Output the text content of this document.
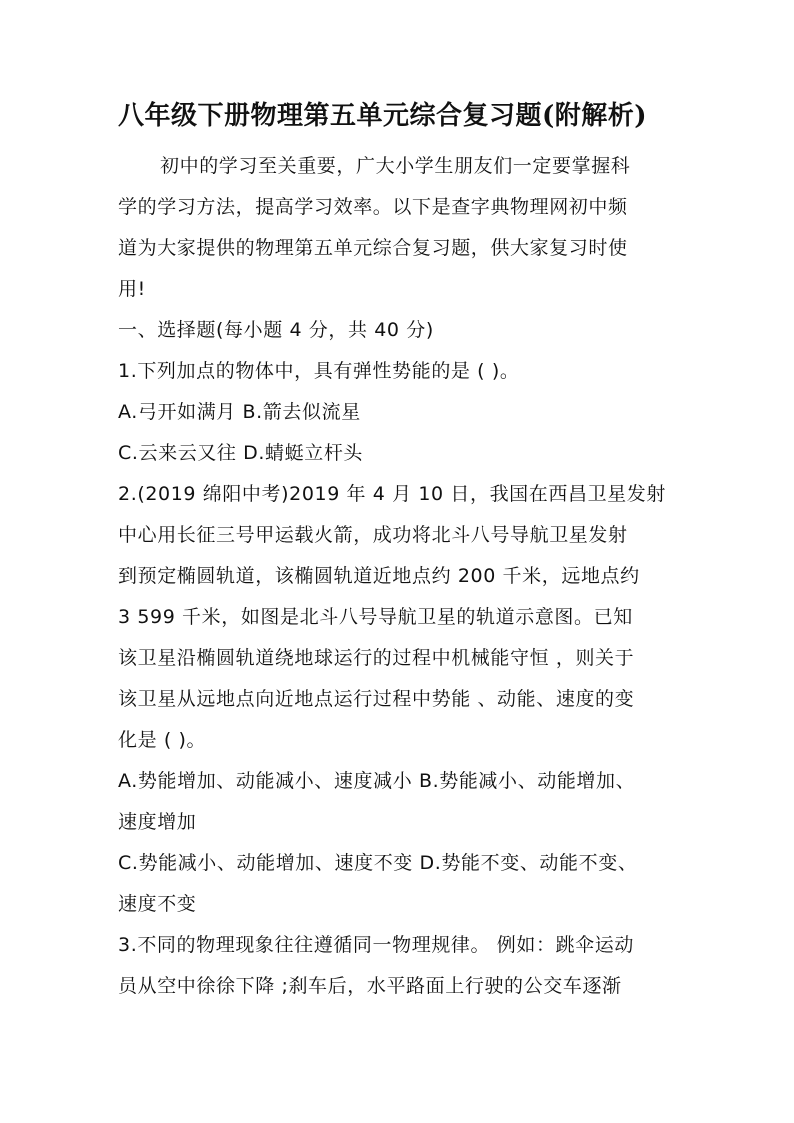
八年级下册物理第五单元综合复习题(附解析)
初中的学习至关重要，广大小学生朋友们一定要掌握科
学的学习方法，提高学习效率。以下是查字典物理网初中频
道为大家提供的物理第五单元综合复习题，供大家复习时使
用!
一、选择题(每小题 4 分，共 40 分)
1.下列加点的物体中，具有弹性势能的是 ( )。
A.弓开如满月 B.箭去似流星
C.云来云又往 D.蜻蜓立杆头
2.(2019 绵阳中考)2019 年 4 月 10 日，我国在西昌卫星发射
中心用长征三号甲运载火箭，成功将北斗八号导航卫星发射
到预定椭圆轨道，该椭圆轨道近地点约 200 千米，远地点约
3 599 千米，如图是北斗八号导航卫星的轨道示意图。已知
该卫星沿椭圆轨道绕地球运行的过程中机械能守恒 ，则关于
该卫星从远地点向近地点运行过程中势能 、动能、速度的变
化是 ( )。
A.势能增加、动能减小、速度减小 B.势能减小、动能增加、
速度增加
C.势能减小、动能增加、速度不变 D.势能不变、动能不变、
速度不变
3.不同的物理现象往往遵循同一物理规律。 例如：跳伞运动
员从空中徐徐下降 ;刹车后，水平路面上行驶的公交车逐渐
